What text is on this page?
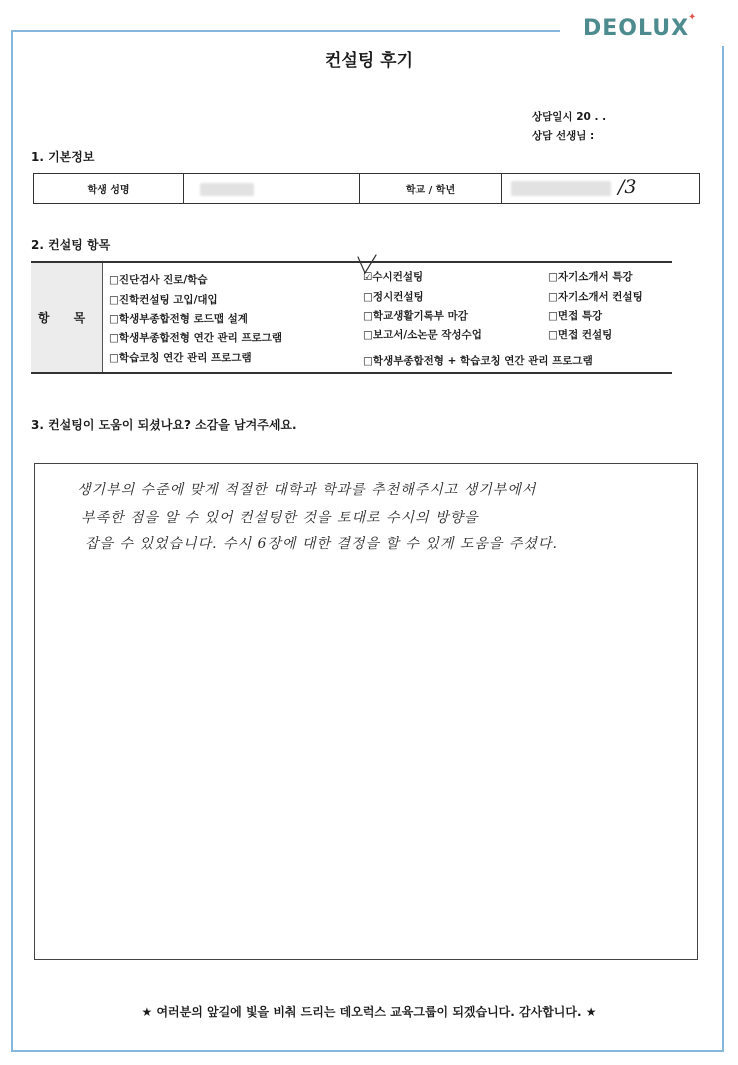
DEOLUX
✦
컨설팅 후기
상담일시 20 . .
상담 선생님 :
1. 기본정보
학생 성명	학교 / 학년	/3
2. 컨설팅 항목
항 목
□진단검사 진로/학습
□진학컨설팅 고입/대입
□학생부종합전형 로드맵 설계
□학생부종합전형 연간 관리 프로그램
□학습코칭 연간 관리 프로그램
☑수시컨설팅
□정시컨설팅
□학교생활기록부 마감
□보고서/소논문 작성수업
□학생부종합전형 + 학습코칭 연간 관리 프로그램
□자기소개서 특강
□자기소개서 컨설팅
□면접 특강
□면접 컨설팅
3. 컨설팅이 도움이 되셨나요? 소감을 남겨주세요.
생기부의 수준에 맞게 적절한 대학과 학과를 추천해주시고 생기부에서
부족한 점을 알 수 있어 컨설팅한 것을 토대로 수시의 방향을
잡을 수 있었습니다. 수시 6장에 대한 결정을 할 수 있게 도움을 주셨다.
★ 여러분의 앞길에 빛을 비춰 드리는 데오럭스 교육그룹이 되겠습니다. 감사합니다. ★
